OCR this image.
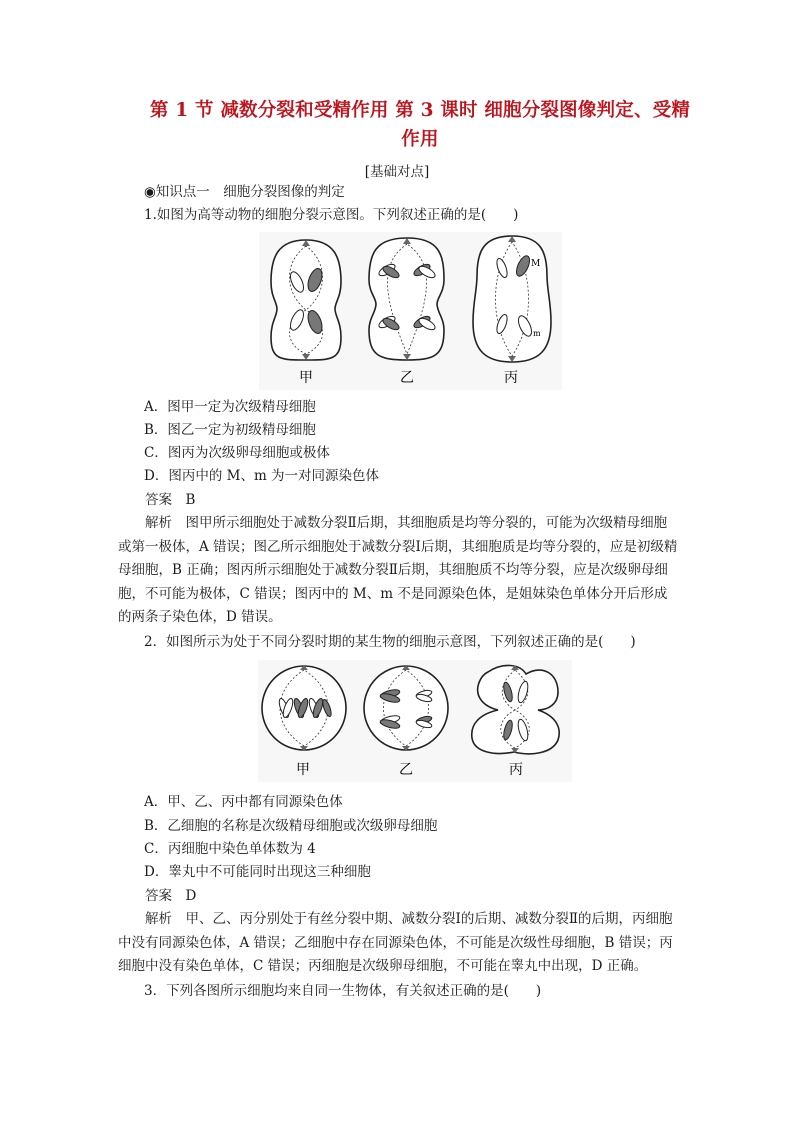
第 1 节 减数分裂和受精作用 第 3 课时 细胞分裂图像判定、受精
作用
[基础对点]
◉知识点一　细胞分裂图像的判定
1.如图为高等动物的细胞分裂示意图。下列叙述正确的是(　　)
M
m
甲	乙	丙
A．图甲一定为次级精母细胞
B．图乙一定为初级精母细胞
C．图丙为次级卵母细胞或极体
D．图丙中的 M、m 为一对同源染色体
答案　B
解析　图甲所示细胞处于减数分裂Ⅱ后期，其细胞质是均等分裂的，可能为次级精母细胞或第一极体，A 错误；图乙所示细胞处于减数分裂Ⅰ后期，其细胞质是均等分裂的，应是初级精母细胞，B 正确；图丙所示细胞处于减数分裂Ⅱ后期，其细胞质不均等分裂，应是次级卵母细胞，不可能为极体，C 错误；图丙中的 M、m 不是同源染色体，是姐妹染色单体分开后形成的两条子染色体，D 错误。
2．如图所示为处于不同分裂时期的某生物的细胞示意图，下列叙述正确的是(　　)
甲	乙	丙
A．甲、乙、丙中都有同源染色体
B．乙细胞的名称是次级精母细胞或次级卵母细胞
C．丙细胞中染色单体数为 4
D．睾丸中不可能同时出现这三种细胞
答案　D
解析　甲、乙、丙分别处于有丝分裂中期、减数分裂Ⅰ的后期、减数分裂Ⅱ的后期，丙细胞中没有同源染色体，A 错误；乙细胞中存在同源染色体，不可能是次级性母细胞，B 错误；丙细胞中没有染色单体，C 错误；丙细胞是次级卵母细胞，不可能在睾丸中出现，D 正确。
3．下列各图所示细胞均来自同一生物体，有关叙述正确的是(　　)
